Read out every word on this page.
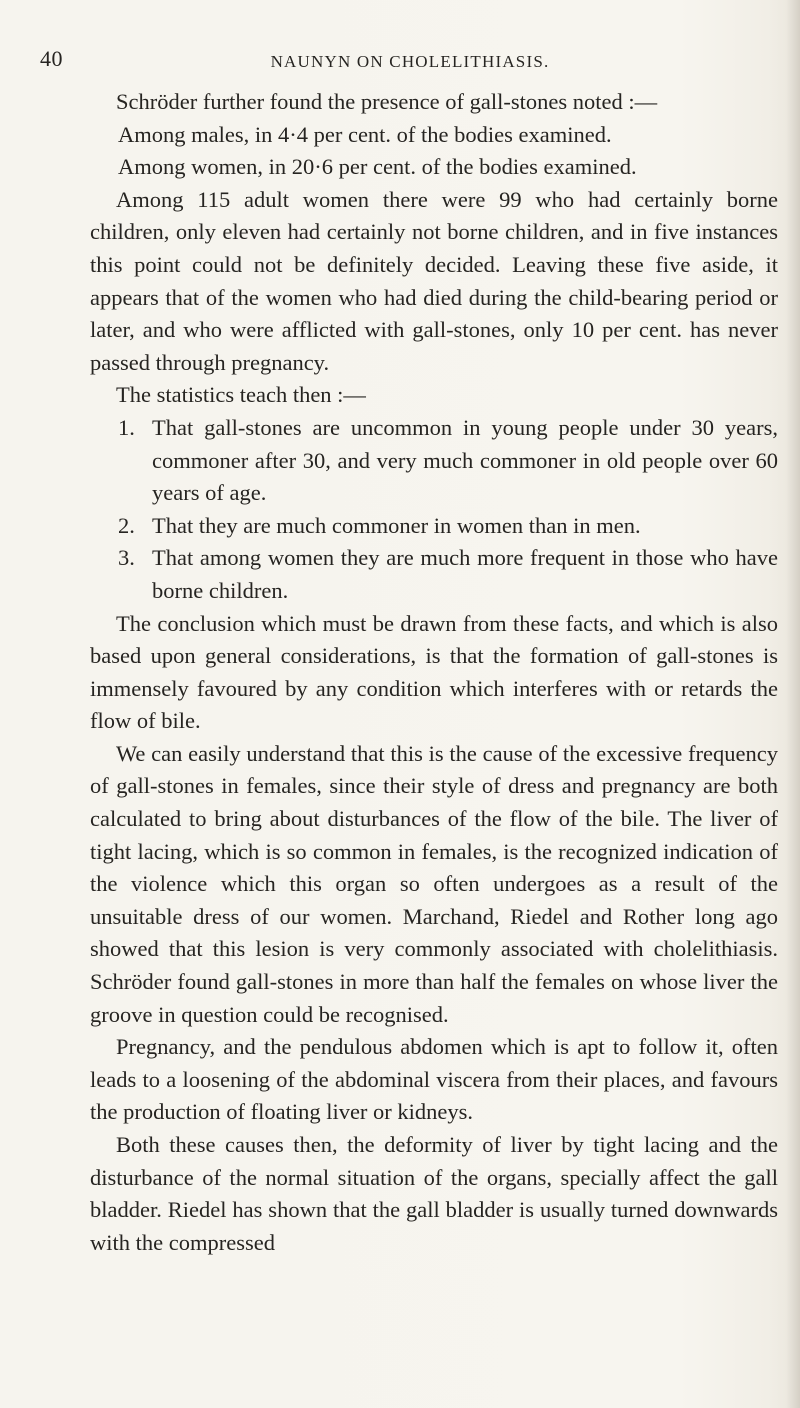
40	NAUNYN ON CHOLELITHIASIS.

Schröder further found the presence of gall-stones noted :—

Among males, in 4·4 per cent. of the bodies examined.

Among women, in 20·6 per cent. of the bodies examined.

Among 115 adult women there were 99 who had certainly borne children, only eleven had certainly not borne children, and in five instances this point could not be definitely decided. Leaving these five aside, it appears that of the women who had died during the child-bearing period or later, and who were afflicted with gall-stones, only 10 per cent. has never passed through pregnancy.

The statistics teach then :—

1. That gall-stones are uncommon in young people under 30 years, commoner after 30, and very much commoner in old people over 60 years of age.
2. That they are much commoner in women than in men.
3. That among women they are much more frequent in those who have borne children.

The conclusion which must be drawn from these facts, and which is also based upon general considerations, is that the formation of gall-stones is immensely favoured by any condition which interferes with or retards the flow of bile.

We can easily understand that this is the cause of the excessive frequency of gall-stones in females, since their style of dress and pregnancy are both calculated to bring about disturbances of the flow of the bile. The liver of tight lacing, which is so common in females, is the recognized indication of the violence which this organ so often undergoes as a result of the unsuitable dress of our women. Marchand, Riedel and Rother long ago showed that this lesion is very commonly associated with cholelithiasis. Schröder found gall-stones in more than half the females on whose liver the groove in question could be recognised.

Pregnancy, and the pendulous abdomen which is apt to follow it, often leads to a loosening of the abdominal viscera from their places, and favours the production of floating liver or kidneys.

Both these causes then, the deformity of liver by tight lacing and the disturbance of the normal situation of the organs, specially affect the gall bladder. Riedel has shown that the gall bladder is usually turned downwards with the compressed
